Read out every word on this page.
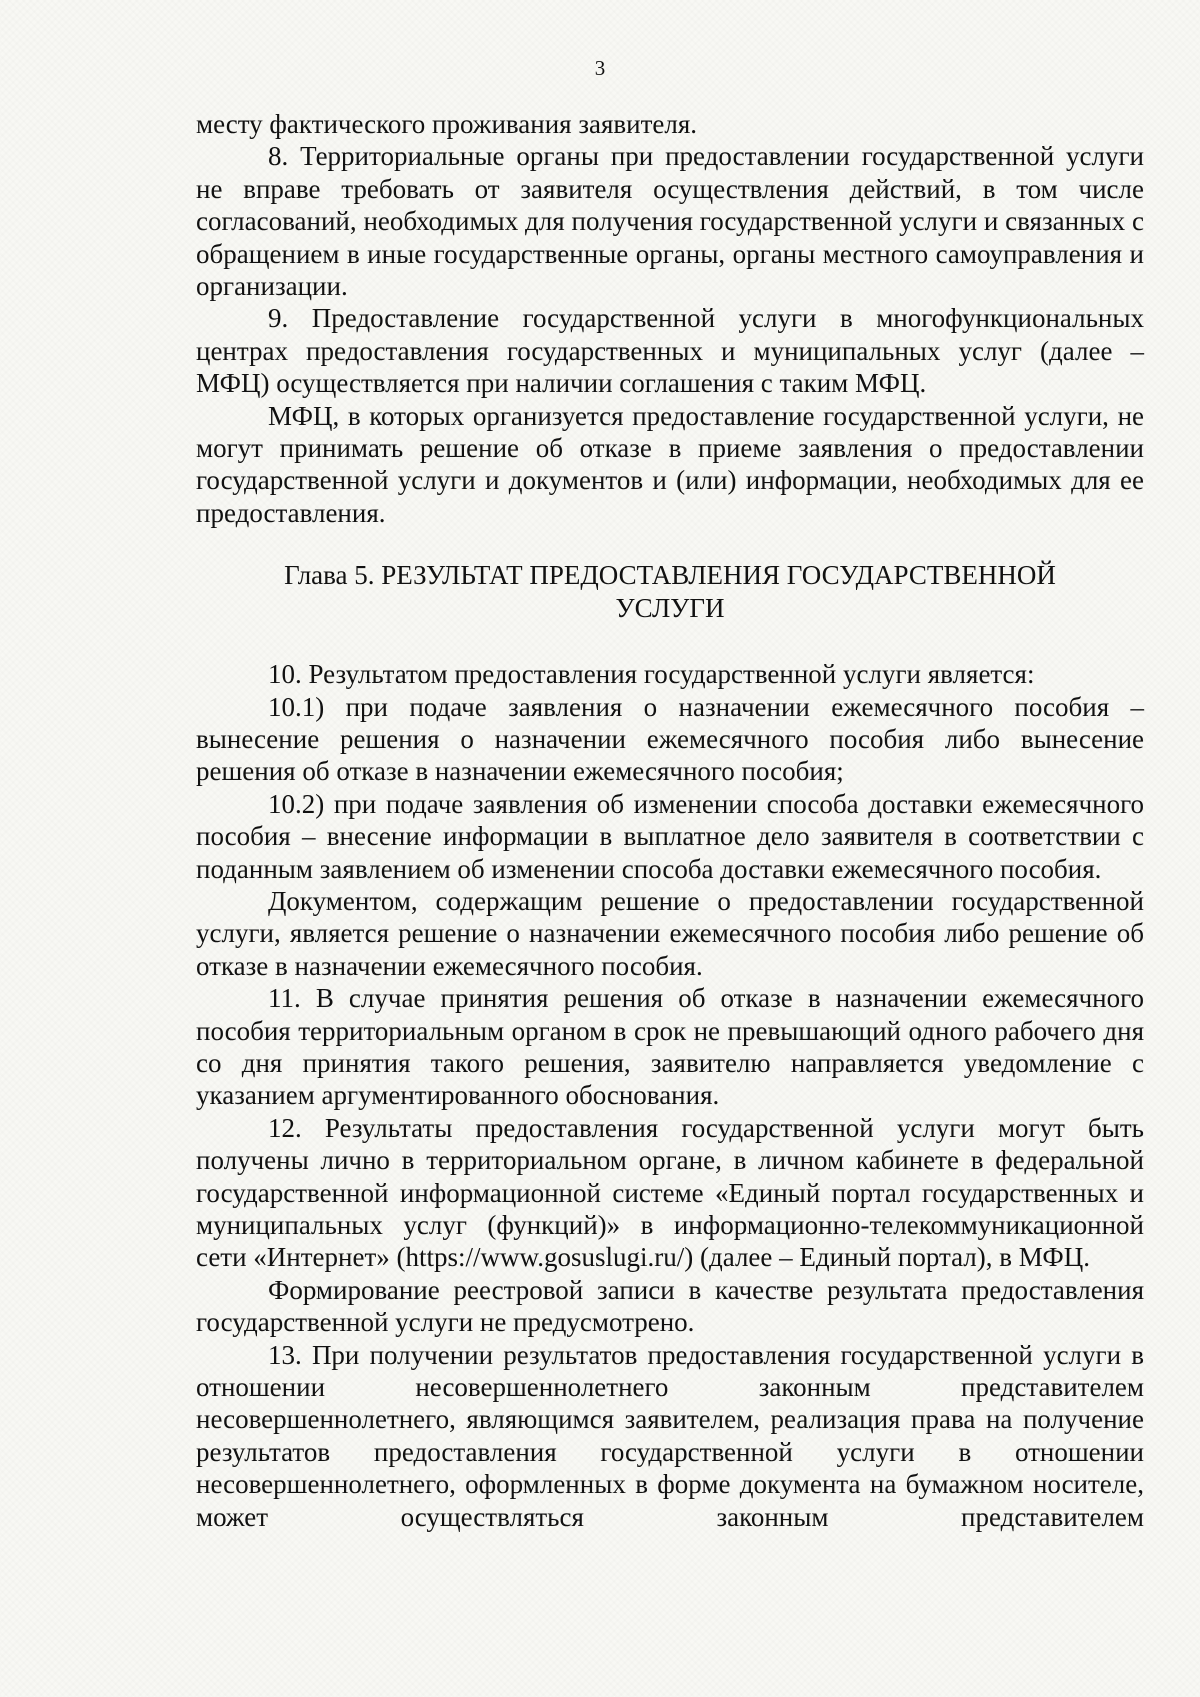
3

месту фактического проживания заявителя.

8. Территориальные органы при предоставлении государственной услуги не вправе требовать от заявителя осуществления действий, в том числе согласований, необходимых для получения государственной услуги и связанных с обращением в иные государственные органы, органы местного самоуправления и организации.

9. Предоставление государственной услуги в многофункциональных центрах предоставления государственных и муниципальных услуг (далее – МФЦ) осуществляется при наличии соглашения с таким МФЦ.

МФЦ, в которых организуется предоставление государственной услуги, не могут принимать решение об отказе в приеме заявления о предоставлении государственной услуги и документов и (или) информации, необходимых для ее предоставления.

Глава 5. РЕЗУЛЬТАТ ПРЕДОСТАВЛЕНИЯ ГОСУДАРСТВЕННОЙ
УСЛУГИ

10. Результатом предоставления государственной услуги является:

10.1) при подаче заявления о назначении ежемесячного пособия – вынесение решения о назначении ежемесячного пособия либо вынесение решения об отказе в назначении ежемесячного пособия;

10.2) при подаче заявления об изменении способа доставки ежемесячного пособия – внесение информации в выплатное дело заявителя в соответствии с поданным заявлением об изменении способа доставки ежемесячного пособия.

Документом, содержащим решение о предоставлении государственной услуги, является решение о назначении ежемесячного пособия либо решение об отказе в назначении ежемесячного пособия.

11. В случае принятия решения об отказе в назначении ежемесячного пособия территориальным органом в срок не превышающий одного рабочего дня со дня принятия такого решения, заявителю направляется уведомление с указанием аргументированного обоснования.

12. Результаты предоставления государственной услуги могут быть получены лично в территориальном органе, в личном кабинете в федеральной государственной информационной системе «Единый портал государственных и муниципальных услуг (функций)» в информационно-телекоммуникационной сети «Интернет» (https://www.gosuslugi.ru/) (далее – Единый портал), в МФЦ.

Формирование реестровой записи в качестве результата предоставления государственной услуги не предусмотрено.

13. При получении результатов предоставления государственной услуги в отношении несовершеннолетнего законным представителем несовершеннолетнего, являющимся заявителем, реализация права на получение результатов предоставления государственной услуги в отношении несовершеннолетнего, оформленных в форме документа на бумажном носителе, может осуществляться законным представителем
